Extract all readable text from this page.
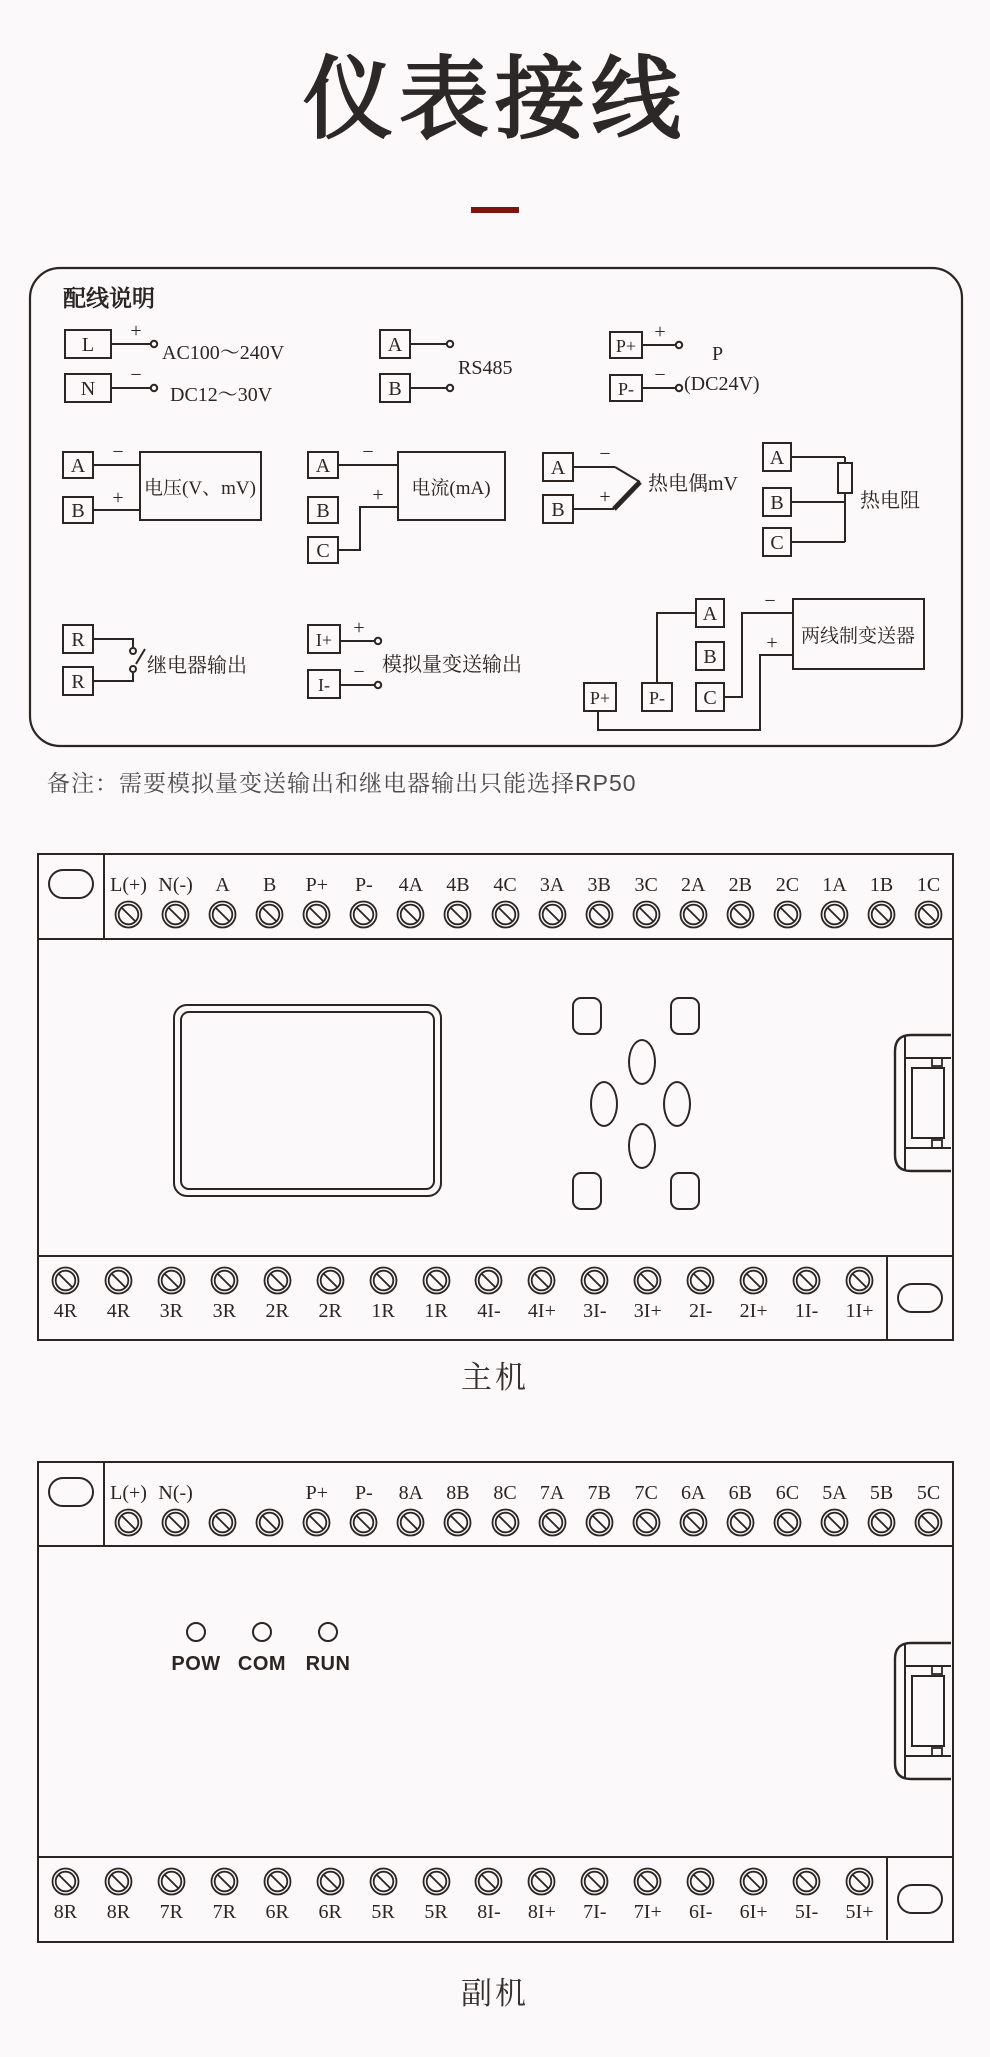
仪表接线
配线说明
L
+
N
−
AC100～240V
DC12～30V
A
B
RS485
P+
+
P-
−
P
(DC24V)
A
B
电压(V、mV)
−
+
A
B
C
电流(mA)
−
+
A
B
−
+
热电偶mV
A
B
C
热电阻
R
R
继电器输出
I+
I-
+
− 模拟量变送输出
P+ P-
A
B
C
两线制变送器
−
+
备注：需要模拟量变送输出和继电器输出只能选择RP50
L(+) N(-) A B P+ P- 4A 4B 4C 3A 3B 3C 2A 2B 2C 1A 1B 1C
4R 4R 3R 3R 2R 2R 1R 1R 4I- 4I+ 3I- 3I+ 2I- 2I+ 1I- 1I+
主机
L(+) N(-)	P+ P- 8A 8B 8C 7A 7B 7C 6A 6B 6C 5A 5B 5C
POW COM RUN
8R 8R 7R 7R 6R 6R 5R 5R 8I- 8I+ 7I- 7I+ 6I- 6I+ 5I- 5I+
副机
